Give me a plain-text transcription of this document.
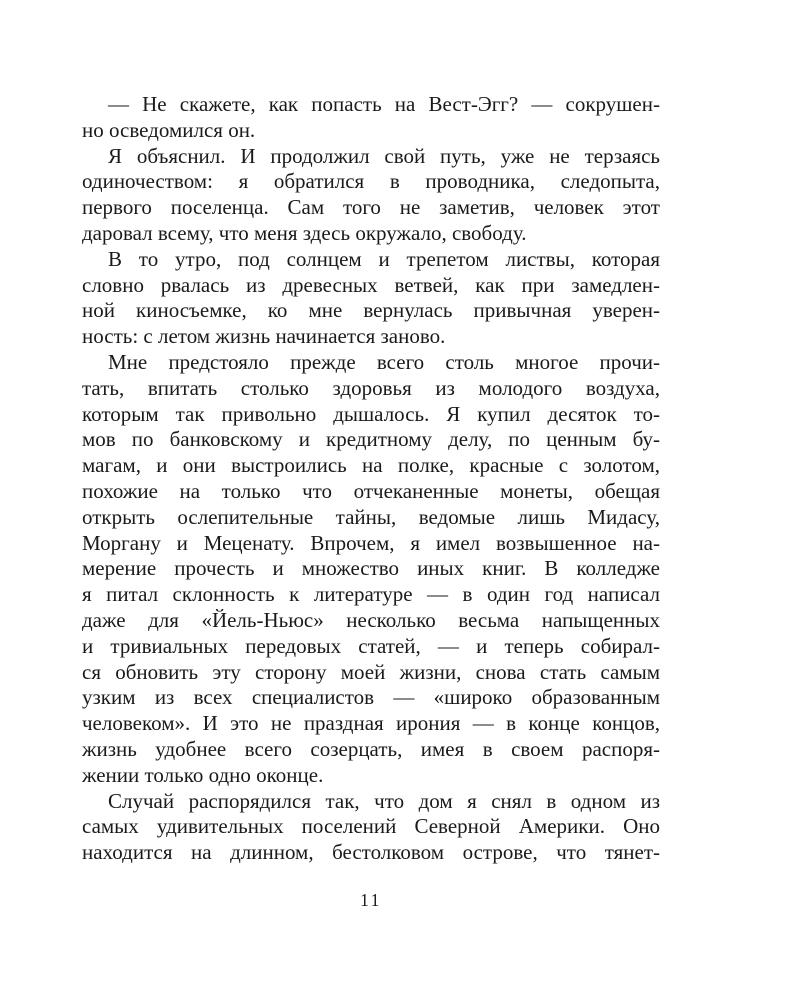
— Не скажете, как попасть на Вест-Эгг? — сокрушен-
но осведомился он.
Я объяснил. И продолжил свой путь, уже не терзаясь
одиночеством: я обратился в проводника, следопыта,
первого поселенца. Сам того не заметив, человек этот
даровал всему, что меня здесь окружало, свободу.
В то утро, под солнцем и трепетом листвы, которая
словно рвалась из древесных ветвей, как при замедлен-
ной киносъемке, ко мне вернулась привычная уверен-
ность: с летом жизнь начинается заново.
Мне предстояло прежде всего столь многое прочи-
тать, впитать столько здоровья из молодого воздуха,
которым так привольно дышалось. Я купил десяток то-
мов по банковскому и кредитному делу, по ценным бу-
магам, и они выстроились на полке, красные с золотом,
похожие на только что отчеканенные монеты, обещая
открыть ослепительные тайны, ведомые лишь Мидасу,
Моргану и Меценату. Впрочем, я имел возвышенное на-
мерение прочесть и множество иных книг. В колледже
я питал склонность к литературе — в один год написал
даже для «Йель-Ньюс» несколько весьма напыщенных
и тривиальных передовых статей, — и теперь собирал-
ся обновить эту сторону моей жизни, снова стать самым
узким из всех специалистов — «широко образованным
человеком». И это не праздная ирония — в конце концов,
жизнь удобнее всего созерцать, имея в своем распоря-
жении только одно оконце.
Случай распорядился так, что дом я снял в одном из
самых удивительных поселений Северной Америки. Оно
находится на длинном, бестолковом острове, что тянет-
11
